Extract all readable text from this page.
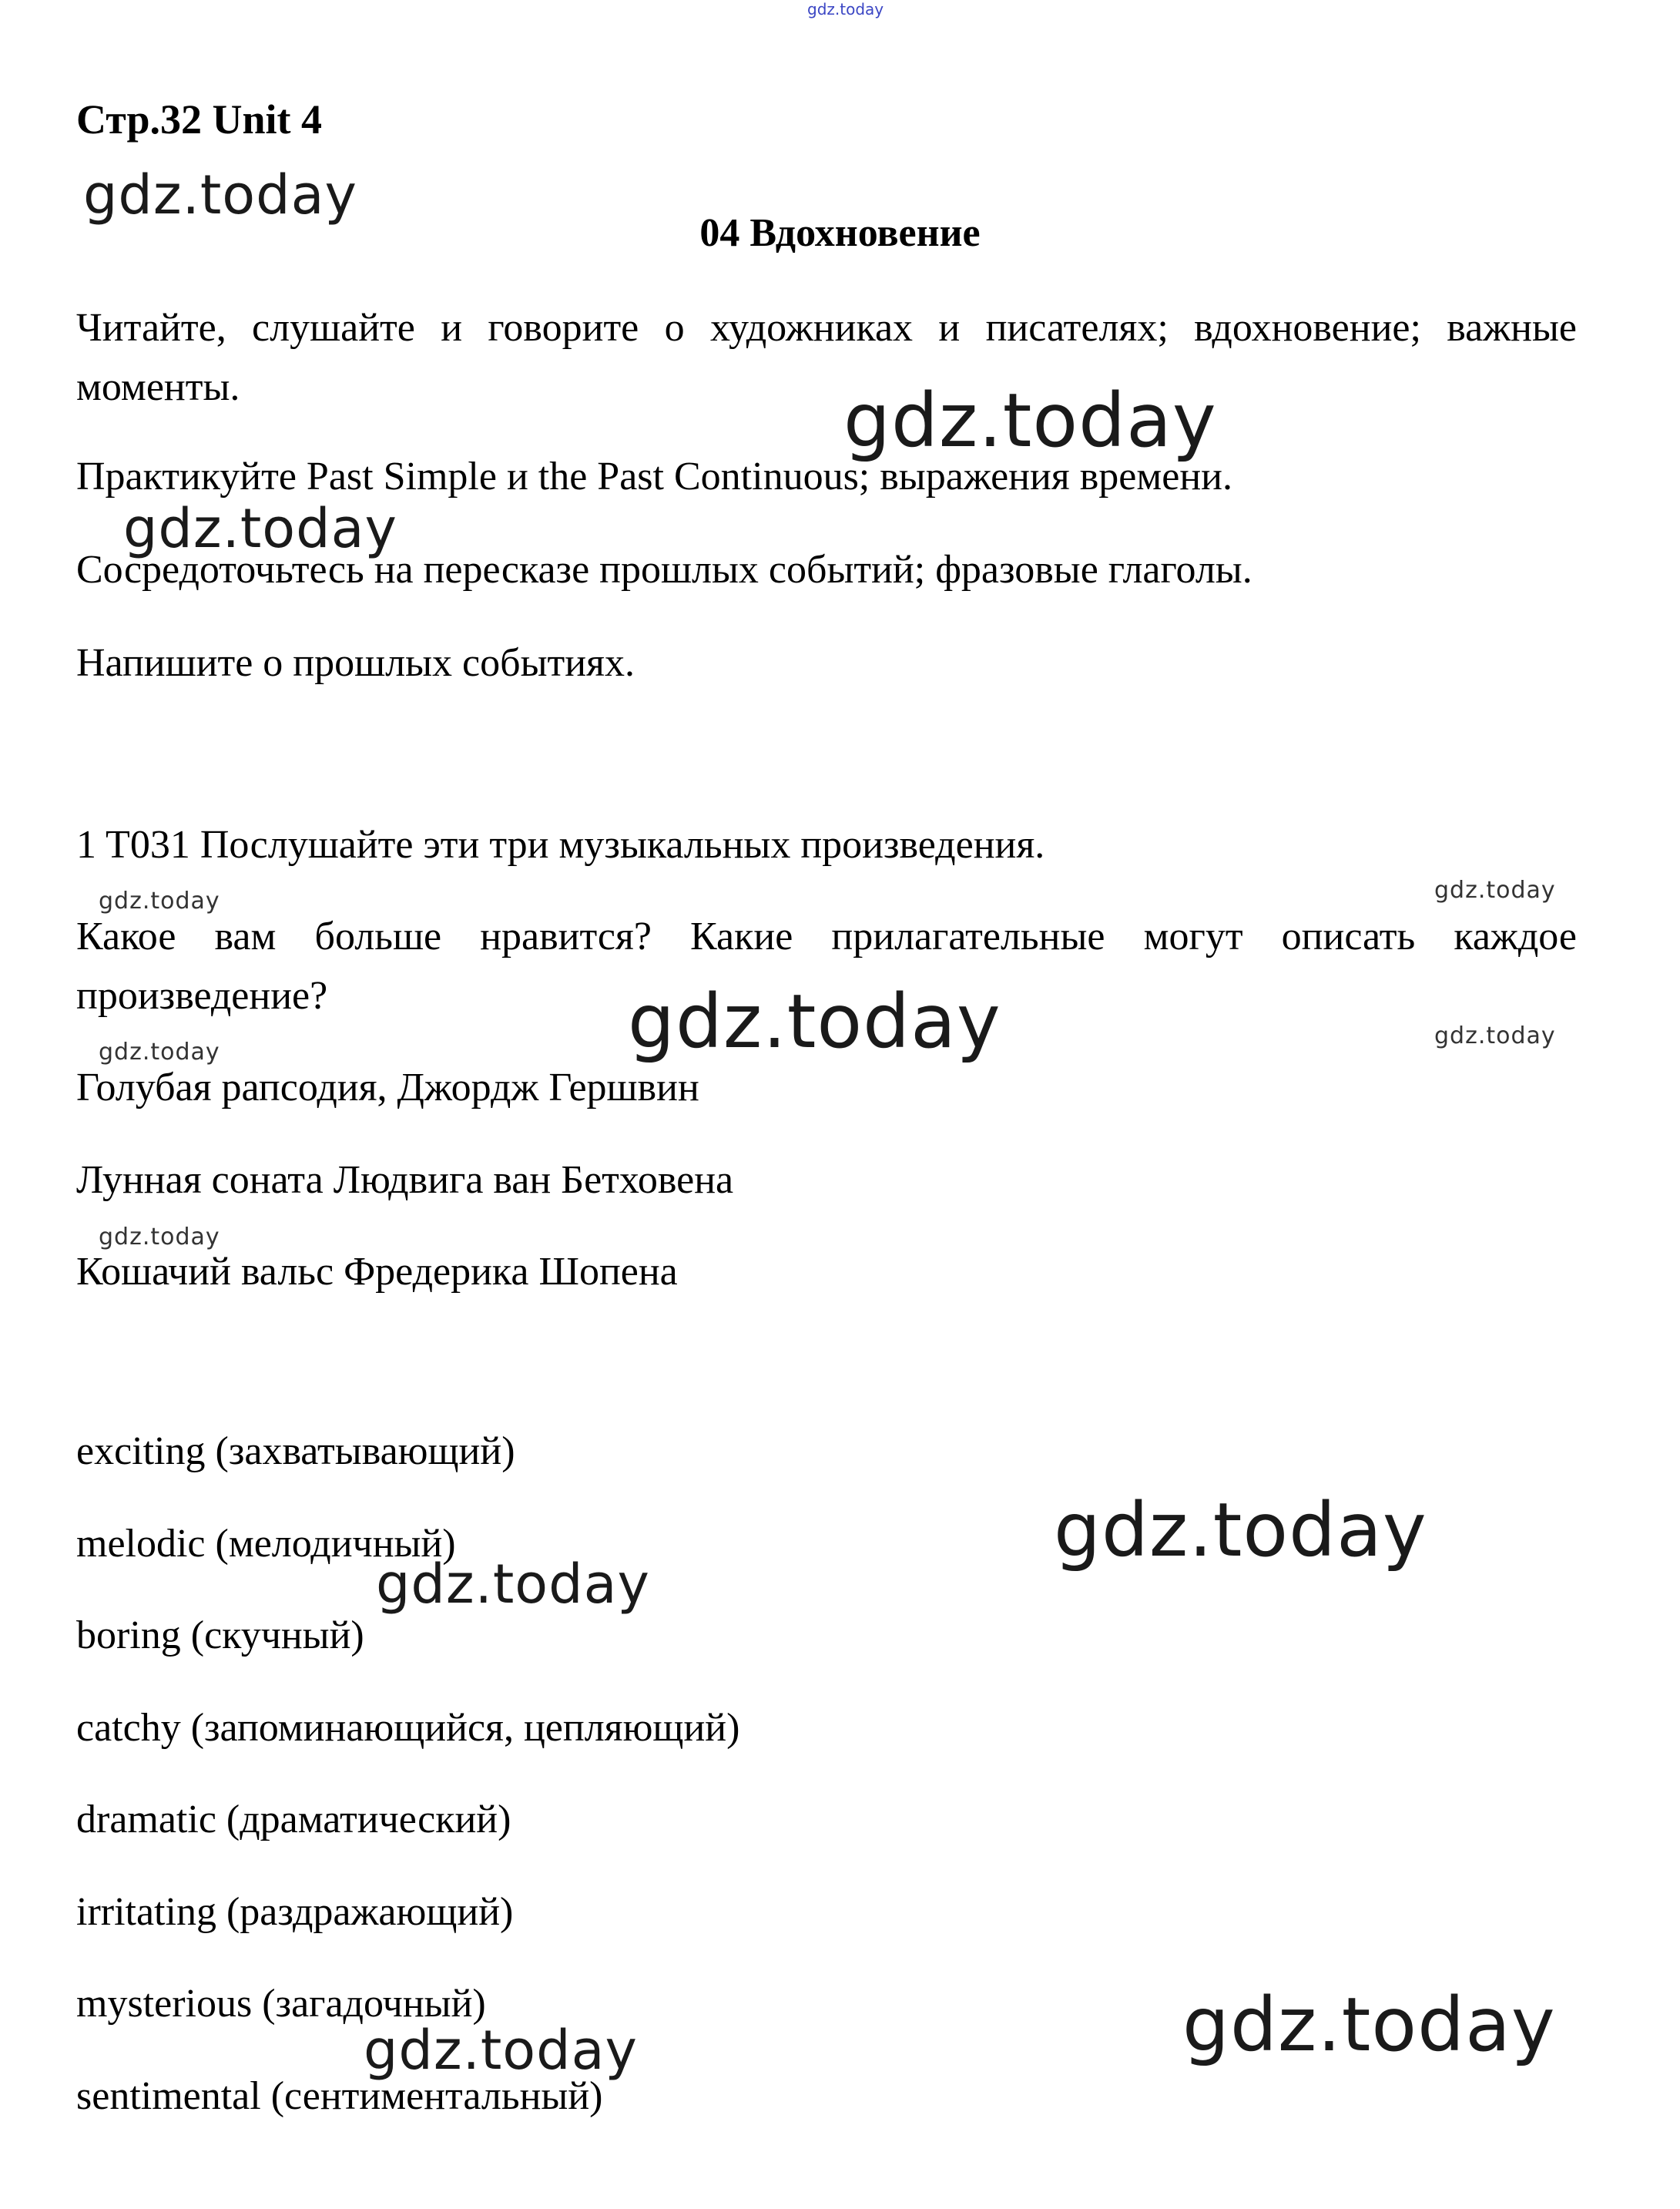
gdz.today
Стр.32 Unit 4
gdz.today
04 Вдохновение

Читайте, слушайте и говорите о художниках и писателях; вдохновение; важные моменты.	gdz.today

Практикуйте Past Simple и the Past Continuous; выражения времени.

gdz.today

Сосредоточьтесь на пересказе прошлых событий; фразовые глаголы.

Напишите о прошлых событиях.

1 T031 Послушайте эти три музыкальных произведения.

gdz.today	gdz.today

Какое вам больше нравится? Какие прилагательные могут описать каждое произведение?	gdz.today
gdz.today
gdz.today

Голубая рапсодия, Джордж Гершвин

Лунная соната Людвига ван Бетховена

gdz.today

Кошачий вальс Фредерика Шопена

exciting (захватывающий)

gdz.today

melodic (мелодичный)

gdz.today

boring (скучный)

catchy (запоминающийся, цепляющий)

dramatic (драматический)

irritating (раздражающий)

gdz.today

mysterious (загадочный)

gdz.today

sentimental (сентиментальный)
